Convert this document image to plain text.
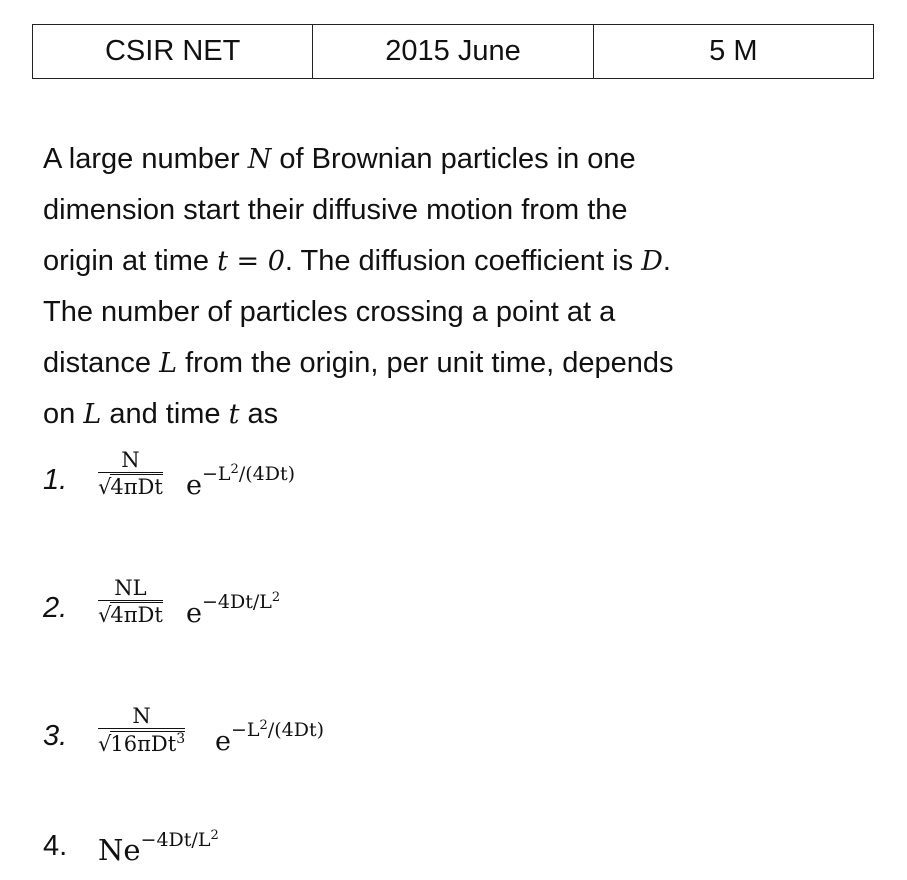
CSIR NET	2015 June	5 M
A large number N of Brownian particles in one
dimension start their diffusive motion from the
origin at time t = 0. The diffusion coefficient is D.
The number of particles crossing a point at a
distance L from the origin, per unit time, depends
on L and time t as
1.
N
√4πDt $e^{-L^2/(4Dt)}$
2.
NL
√4πDt $e^{-4Dt/L^2}$
3.
N
√16πDt$^3$ $e^{-L^2/(4Dt)}$
4. $Ne^{-4Dt/L^2}$
